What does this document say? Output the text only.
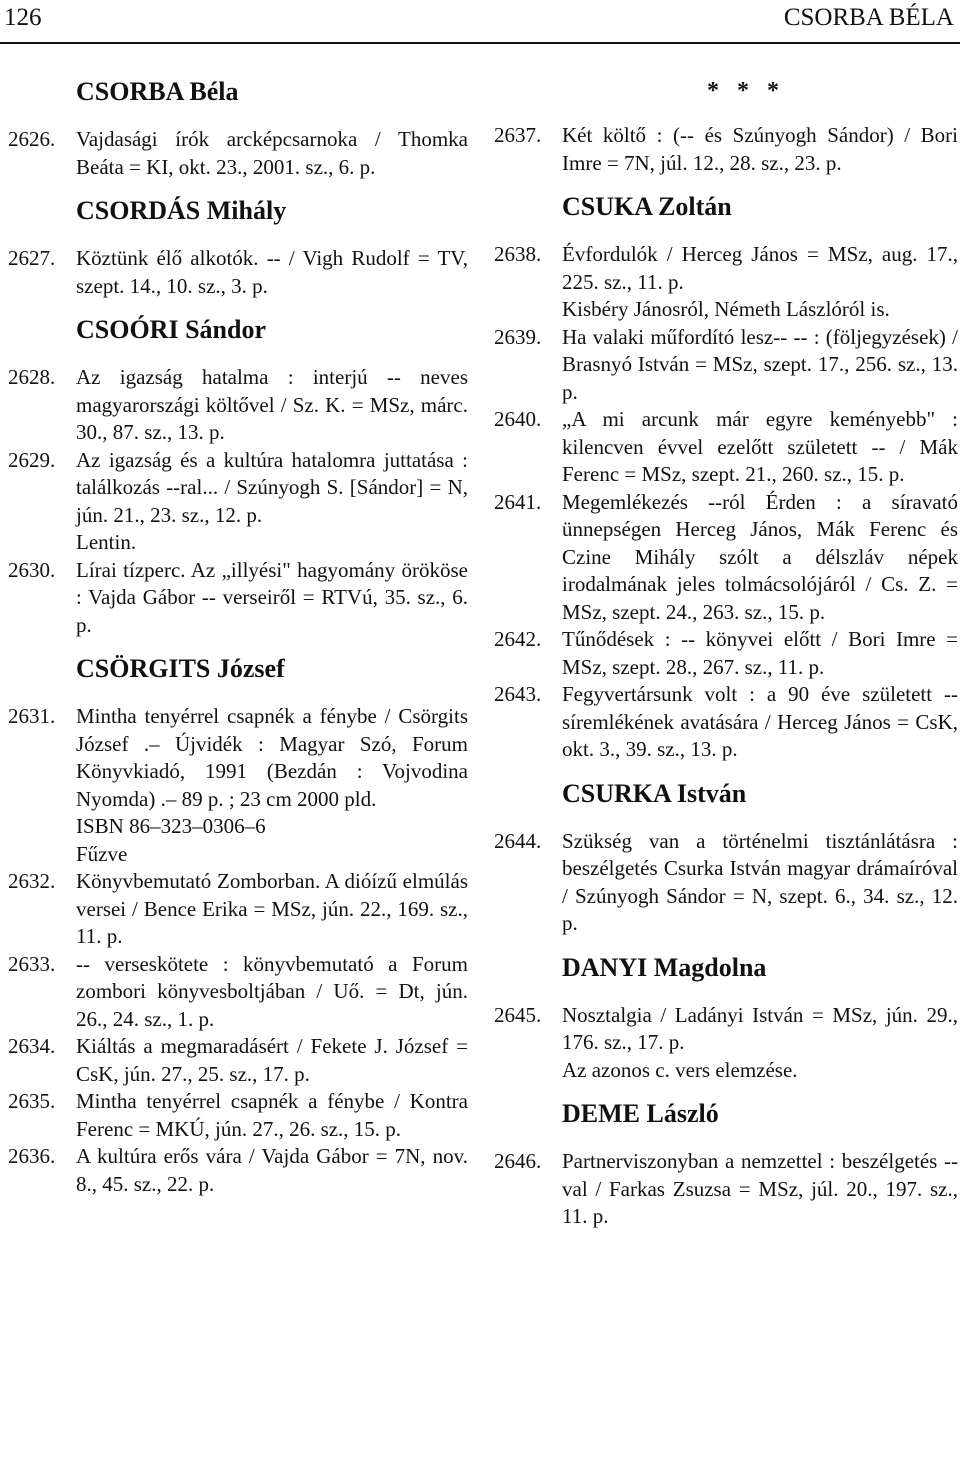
126	CSORBA BÉLA
CSORBA Béla
2626. Vajdasági írók arcképcsarnoka / Thomka Beáta = KI, okt. 23., 2001. sz., 6. p.
CSORDÁS Mihály
2627. Köztünk élő alkotók. -- / Vigh Rudolf = TV, szept. 14., 10. sz., 3. p.
CSOÓRI Sándor
2628. Az igazság hatalma : interjú -- neves magyarországi költővel / Sz. K. = MSz, márc. 30., 87. sz., 13. p.
2629. Az igazság és a kultúra hatalomra juttatása : találkozás --ral... / Szúnyogh S. [Sándor] = N, jún. 21., 23. sz., 12. p.
Lentin.
2630. Lírai tízperc. Az „illyési" hagyomány örököse : Vajda Gábor -- verseiről = RTVú, 35. sz., 6. p.
CSÖRGITS József
2631. Mintha tenyérrel csapnék a fénybe / Csörgits József .– Újvidék : Magyar Szó, Forum Könyvkiadó, 1991 (Bezdán : Vojvodina Nyomda) .– 89 p. ; 23 cm 2000 pld.
ISBN 86–323–0306–6
Fűzve
2632. Könyvbemutató Zomborban. A dióízű elmúlás versei / Bence Erika = MSz, jún. 22., 169. sz., 11. p.
2633. -- verseskötete : könyvbemutató a Forum zombori könyvesboltjában / Uő. = Dt, jún. 26., 24. sz., 1. p.
2634. Kiáltás a megmaradásért / Fekete J. József = CsK, jún. 27., 25. sz., 17. p.
2635. Mintha tenyérrel csapnék a fénybe / Kontra Ferenc = MKÚ, jún. 27., 26. sz., 15. p.
2636. A kultúra erős vára / Vajda Gábor = 7N, nov. 8., 45. sz., 22. p.
* * *
2637. Két költő : (-- és Szúnyogh Sándor) / Bori Imre = 7N, júl. 12., 28. sz., 23. p.
CSUKA Zoltán
2638. Évfordulók / Herceg János = MSz, aug. 17., 225. sz., 11. p.
Kisbéry Jánosról, Németh Lászlóról is.
2639. Ha valaki műfordító lesz-- -- : (följegyzések) / Brasnyó István = MSz, szept. 17., 256. sz., 13. p.
2640. „A mi arcunk már egyre keményebb" : kilencven évvel ezelőtt született -- / Mák Ferenc = MSz, szept. 21., 260. sz., 15. p.
2641. Megemlékezés --ról Érden : a síravató ünnepségen Herceg János, Mák Ferenc és Czine Mihály szólt a délszláv népek irodalmának jeles tolmácsolójáról / Cs. Z. = MSz, szept. 24., 263. sz., 15. p.
2642. Tűnődések : -- könyvei előtt / Bori Imre = MSz, szept. 28., 267. sz., 11. p.
2643. Fegyvertársunk volt : a 90 éve született -- síremlékének avatására / Herceg János = CsK, okt. 3., 39. sz., 13. p.
CSURKA István
2644. Szükség van a történelmi tisztánlátásra : beszélgetés Csurka István magyar drámaíróval / Szúnyogh Sándor = N, szept. 6., 34. sz., 12. p.
DANYI Magdolna
2645. Nosztalgia / Ladányi István = MSz, jún. 29., 176. sz., 17. p.
Az azonos c. vers elemzése.
DEME László
2646. Partnerviszonyban a nemzettel : beszélgetés --val / Farkas Zsuzsa = MSz, júl. 20., 197. sz., 11. p.
